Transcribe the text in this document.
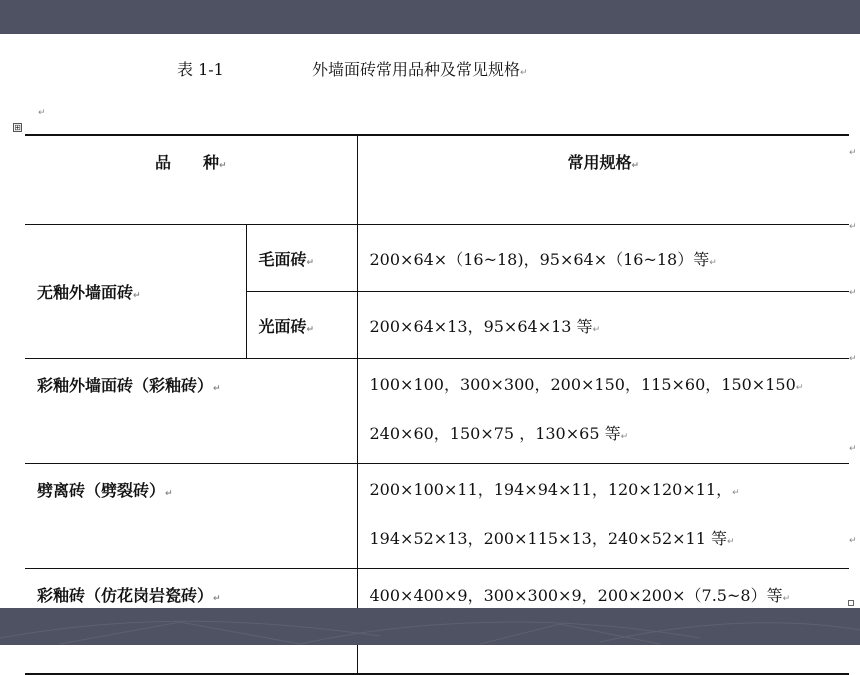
表 1-1	外墙面砖常用品种及常见规格↵
↵
⊞
品　　种↵		常用规格↵
无釉外墙面砖↵	毛面砖↵	200×64×（16~18)，95×64×（16~18）等↵
	光面砖↵	200×64×13，95×64×13 等↵
彩釉外墙面砖（彩釉砖）↵		100×100，300×300，200×150，115×60，150×150↵
240×60，150×75 ，130×65 等↵

劈离砖（劈裂砖）↵		200×100×11，194×94×11，120×120×11，↵
194×52×13，200×115×13，240×52×11 等↵

彩釉砖（仿花岗岩瓷砖）↵		400×400×9，300×300×9，200×200×（7.5~8）等↵
↵
↵
↵
↵
↵
↵
